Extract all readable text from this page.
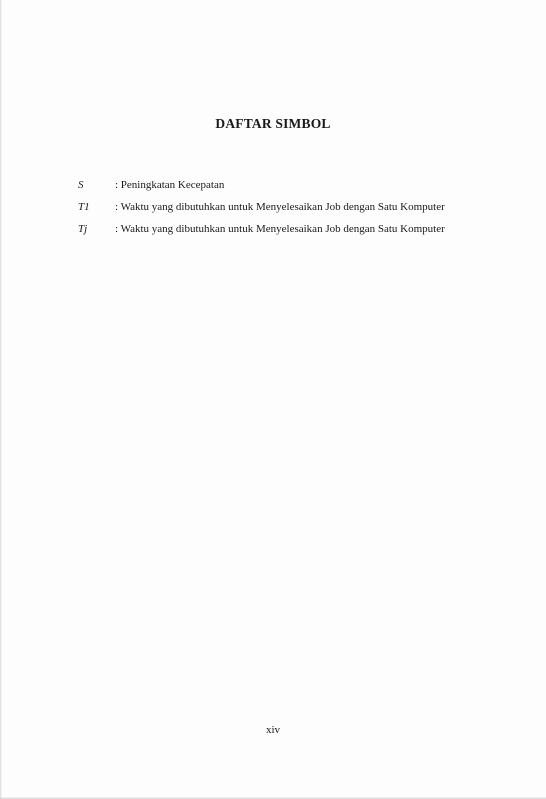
DAFTAR SIMBOL
S	: Peningkatan Kecepatan
T1 : Waktu yang dibutuhkan untuk Menyelesaikan Job dengan Satu Komputer
Tj	: Waktu yang dibutuhkan untuk Menyelesaikan Job dengan Satu Komputer
xiv
